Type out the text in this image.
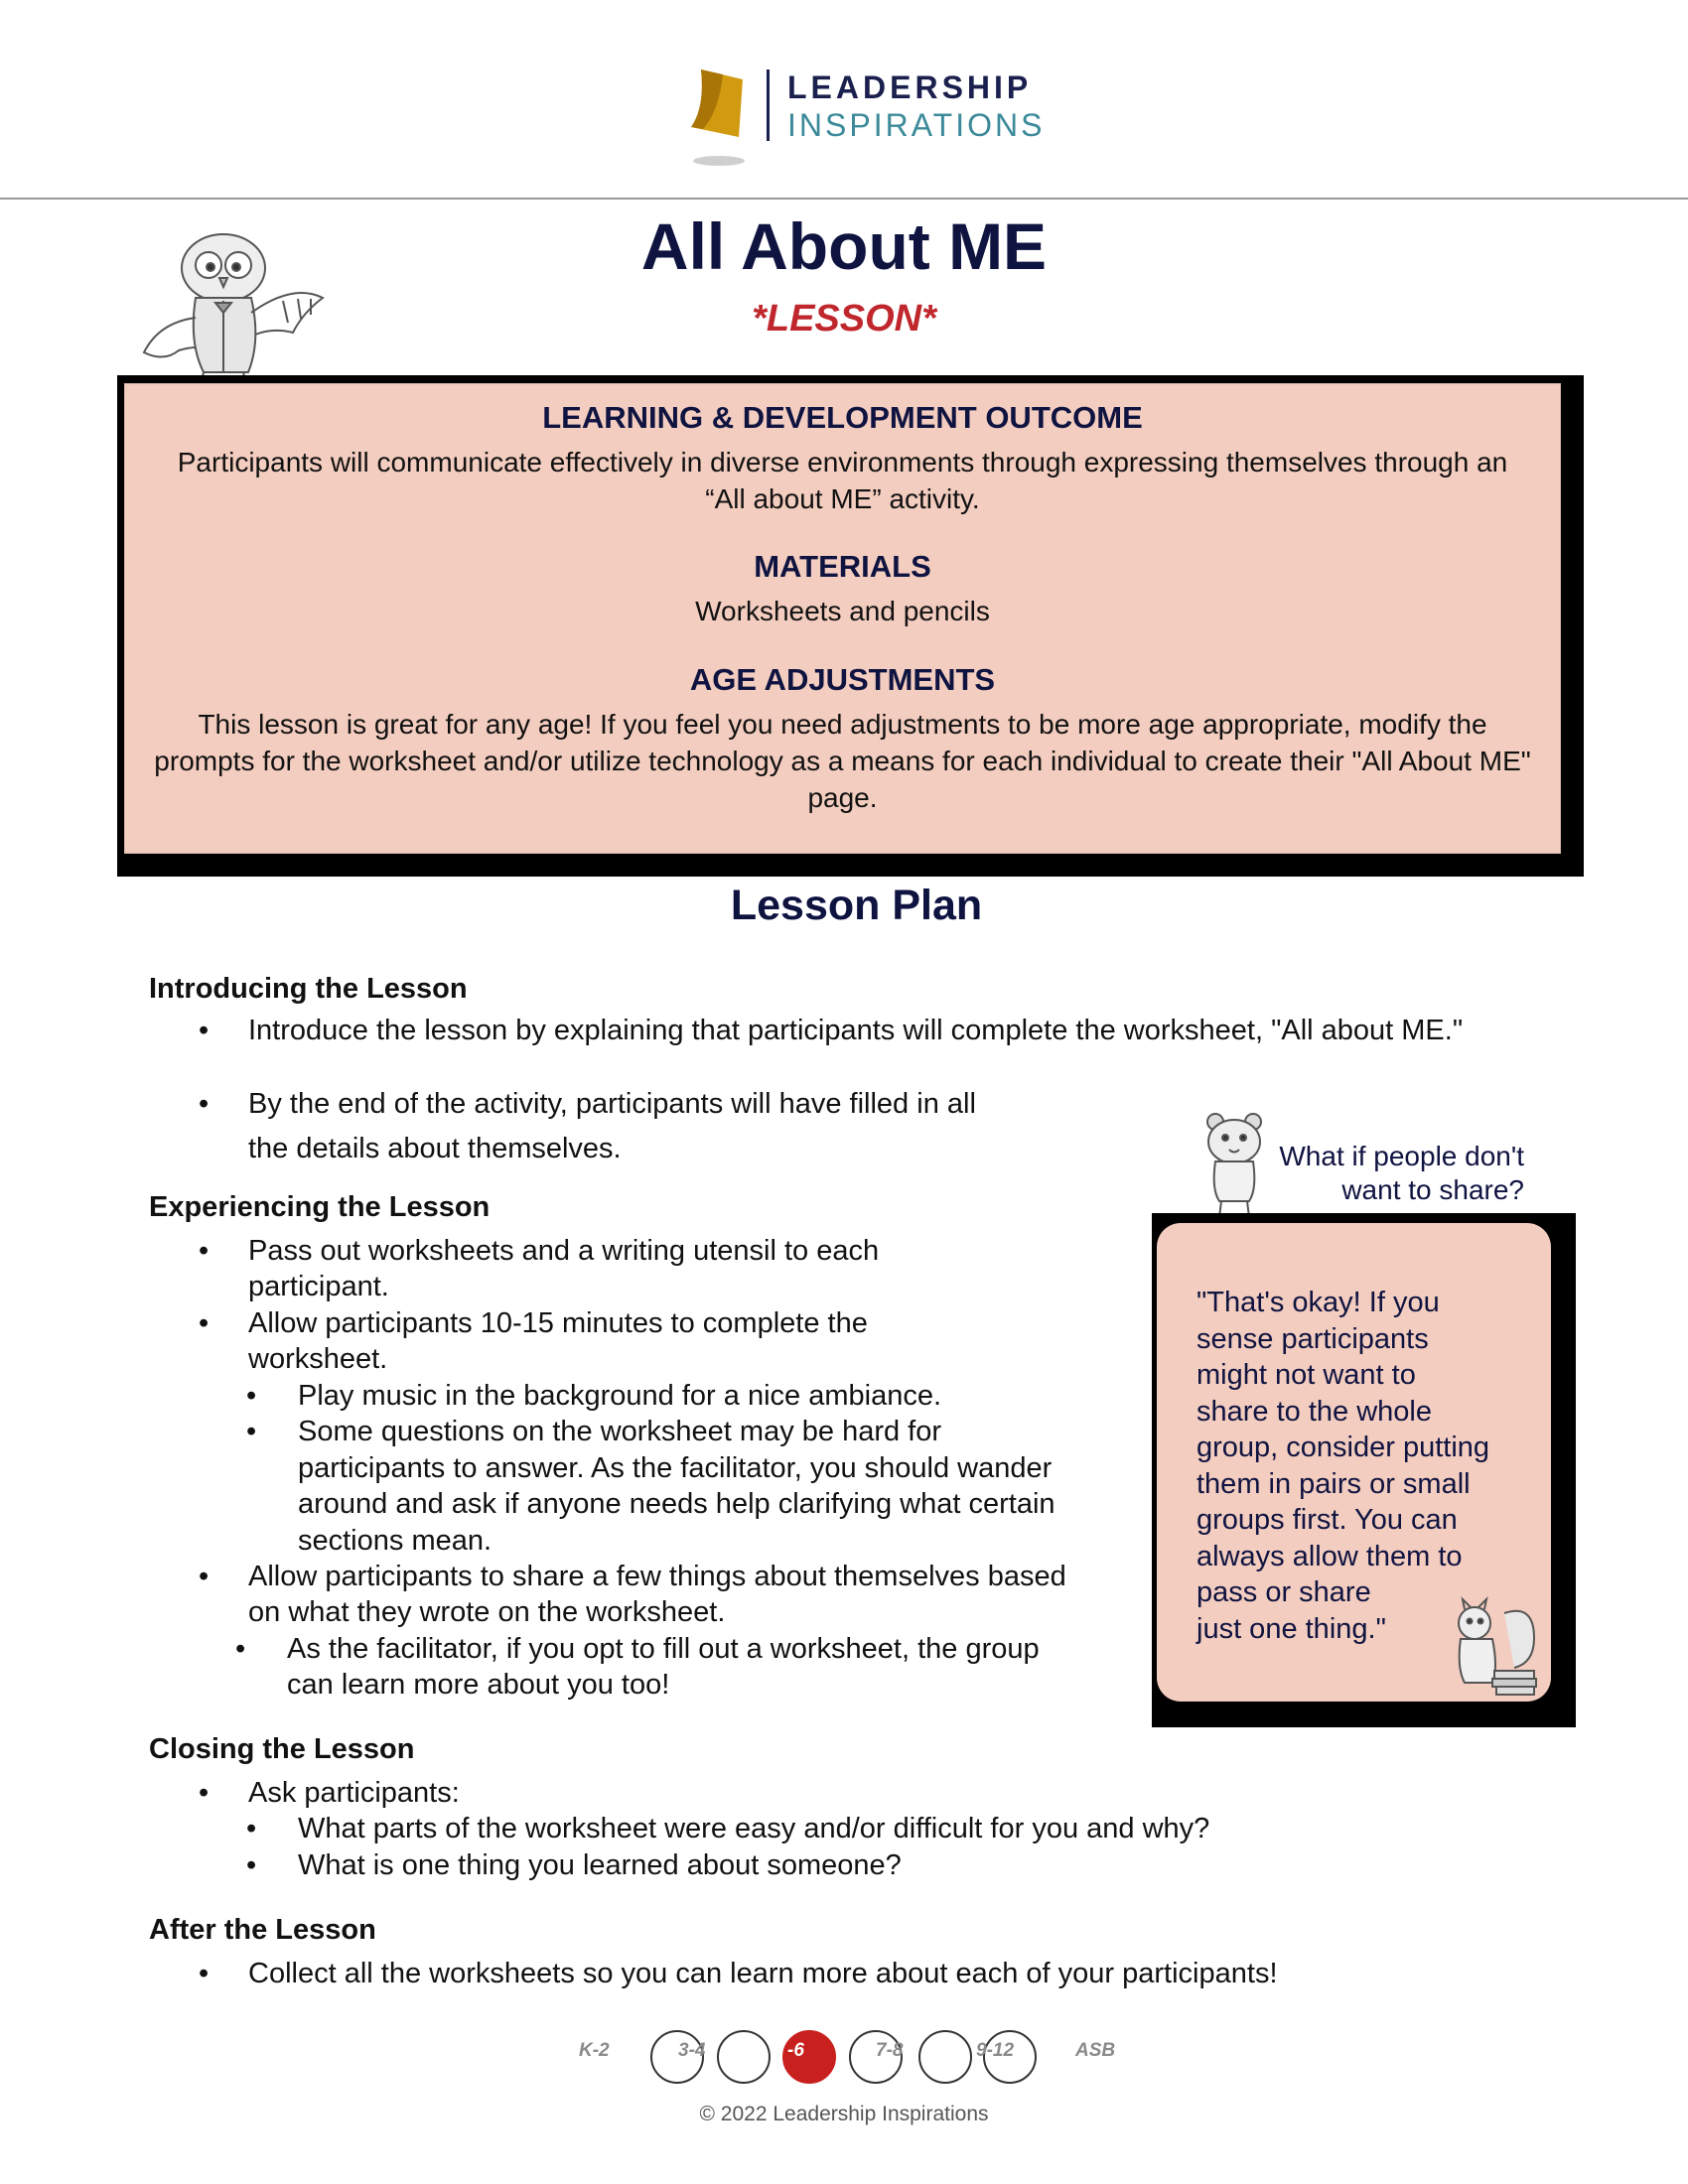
LEADERSHIP
INSPIRATIONS
All About ME
*LESSON*

LEARNING & DEVELOPMENT OUTCOME

Participants will communicate effectively in diverse environments through expressing themselves through an “All about ME” activity.

MATERIALS

Worksheets and pencils

AGE ADJUSTMENTS

This lesson is great for any age! If you feel you need adjustments to be more age appropriate, modify the prompts for the worksheet and/or utilize technology as a means for each individual to create their "All About ME" page.

Lesson Plan
Introducing the Lesson
• Introduce the lesson by explaining that participants will complete the worksheet, "All about ME."
• By the end of the activity, participants will have filled in all
the details about themselves.
Experiencing the Lesson
• Pass out worksheets and a writing utensil to each
participant.
• Allow participants 10-15 minutes to complete the
worksheet.
• Play music in the background for a nice ambiance.
• Some questions on the worksheet may be hard for
participants to answer. As the facilitator, you should wander
around and ask if anyone needs help clarifying what certain
sections mean.
• Allow participants to share a few things about themselves based
on what they wrote on the worksheet.
• As the facilitator, if you opt to fill out a worksheet, the group
can learn more about you too!
Closing the Lesson
• Ask participants:
• What parts of the worksheet were easy and/or difficult for you and why?
• What is one thing you learned about someone?
After the Lesson
• Collect all the worksheets so you can learn more about each of your participants!
What if people don't
want to share?
"That's okay! If you
sense participants
might not want to
share to the whole
group, consider putting
them in pairs or small
groups first. You can
always allow them to
pass or share
just one thing."
K-2	3-4	-6	7-8	9-12	ASB
© 2022 Leadership Inspirations
